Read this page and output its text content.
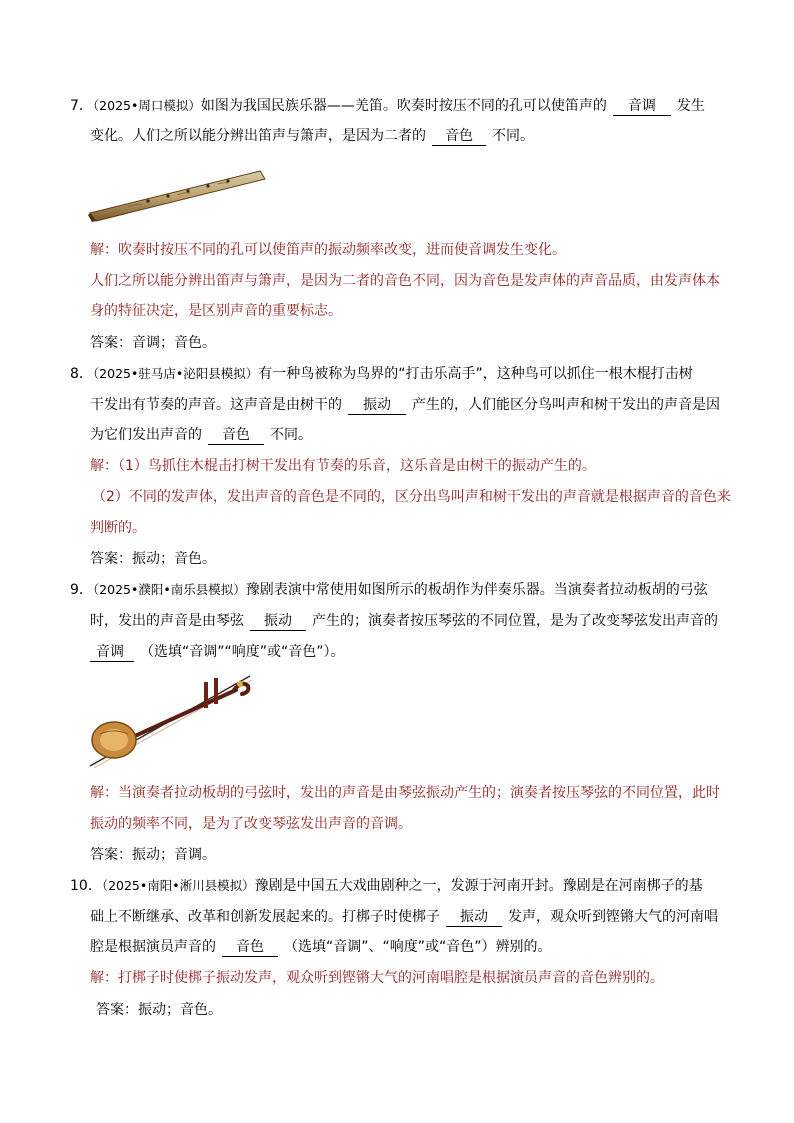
7．（2025•周口模拟）如图为我国民族乐器——羌笛。吹奏时按压不同的孔可以使笛声的 音调 发生
变化。人们之所以能分辨出笛声与箫声，是因为二者的 音色 不同。
解：吹奏时按压不同的孔可以使笛声的振动频率改变，进而使音调发生变化。
人们之所以能分辨出笛声与箫声，是因为二者的音色不同，因为音色是发声体的声音品质，由发声体本
身的特征决定，是区别声音的重要标志。
答案：音调；音色。
8．（2025•驻马店•泌阳县模拟）有一种鸟被称为鸟界的“打击乐高手”，这种鸟可以抓住一根木棍打击树
干发出有节奏的声音。这声音是由树干的 振动 产生的，人们能区分鸟叫声和树干发出的声音是因
为它们发出声音的 音色 不同。
解：（1）鸟抓住木棍击打树干发出有节奏的乐音，这乐音是由树干的振动产生的。
（2）不同的发声体，发出声音的音色是不同的，区分出鸟叫声和树干发出的声音就是根据声音的音色来
判断的。
答案：振动；音色。
9．（2025•濮阳•南乐县模拟）豫剧表演中常使用如图所示的板胡作为伴奏乐器。当演奏者拉动板胡的弓弦
时，发出的声音是由琴弦 振动 产生的；演奏者按压琴弦的不同位置，是为了改变琴弦发出声音的
音调 （选填“音调”“响度”或“音色”）。
解：当演奏者拉动板胡的弓弦时，发出的声音是由琴弦振动产生的；演奏者按压琴弦的不同位置，此时
振动的频率不同，是为了改变琴弦发出声音的音调。
答案：振动；音调。
10．（2025•南阳•淅川县模拟）豫剧是中国五大戏曲剧种之一，发源于河南开封。豫剧是在河南梆子的基
础上不断继承、改革和创新发展起来的。打梆子时使梆子 振动 发声，观众听到铿锵大气的河南唱
腔是根据演员声音的 音色 （选填“音调”、“响度”或“音色”）辨别的。
解：打梆子时使梆子振动发声，观众听到铿锵大气的河南唱腔是根据演员声音的音色辨别的。
答案：振动；音色。
